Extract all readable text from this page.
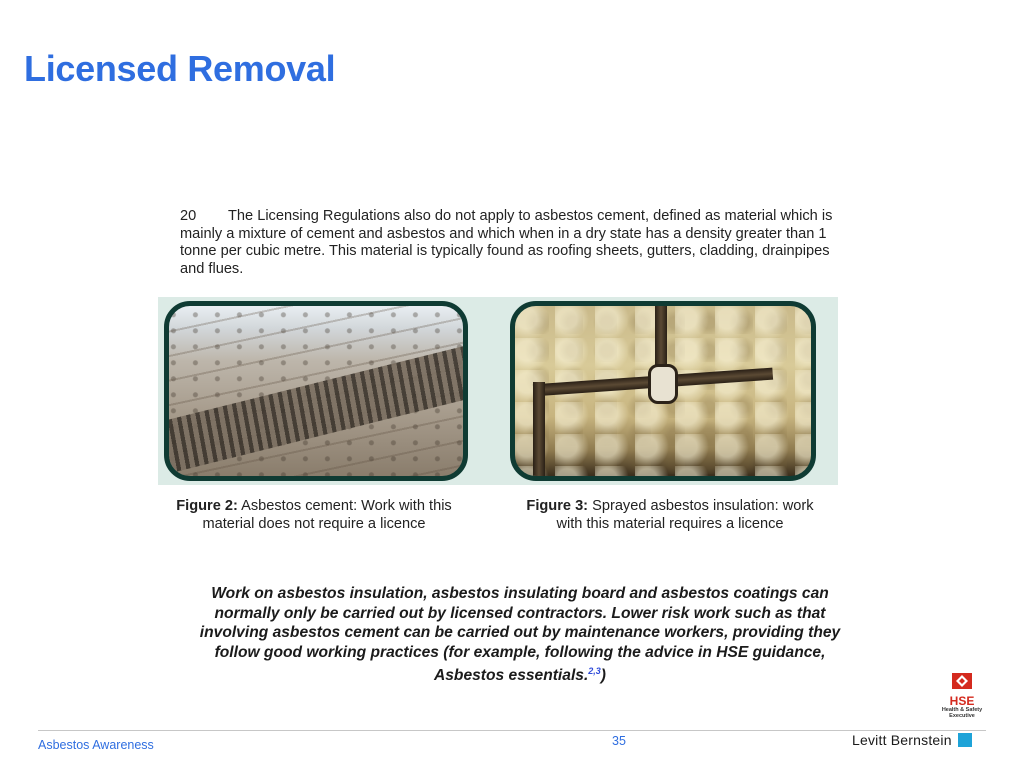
Licensed Removal
20 The Licensing Regulations also do not apply to asbestos cement, defined as material which is mainly a mixture of cement and asbestos and which when in a dry state has a density greater than 1 tonne per cubic metre. This material is typically found as roofing sheets, gutters, cladding, drainpipes and flues.
Figure 2: Asbestos cement: Work with this material does not require a licence
Figure 3: Sprayed asbestos insulation: work with this material requires a licence
Work on asbestos insulation, asbestos insulating board and asbestos coatings can normally only be carried out by licensed contractors. Lower risk work such as that involving asbestos cement can be carried out by maintenance workers, providing they follow good working practices (for example, following the advice in HSE guidance, Asbestos essentials.$^{2,3}$)
HSE
Health & Safety
Executive
Asbestos Awareness	35	Levitt Bernstein
